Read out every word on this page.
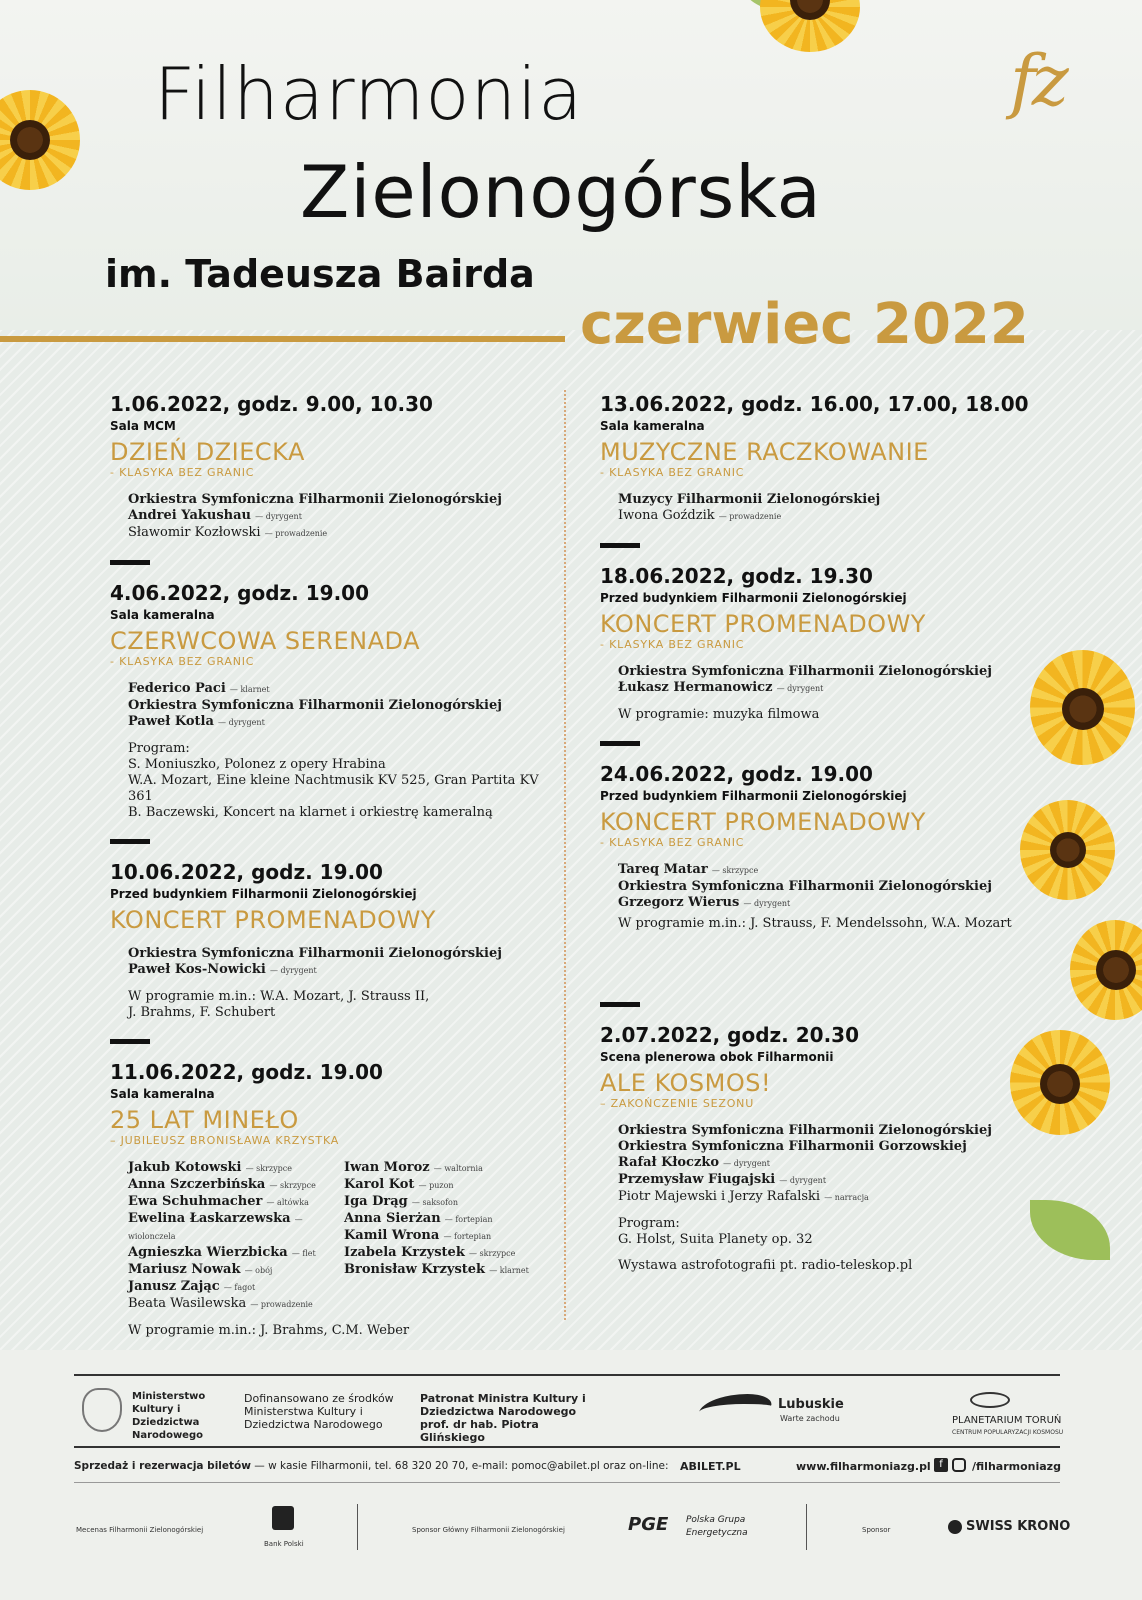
Filharmonia
Zielonogórska
im. Tadeusza Bairda
czerwiec 2022
fz
1.06.2022, godz. 9.00, 10.30
Sala MCM
DZIEŃ DZIECKA
- KLASYKA BEZ GRANIC
Orkiestra Symfoniczna Filharmonii Zielonogórskiej
Andrei Yakushau — dyrygent
Sławomir Kozłowski — prowadzenie
4.06.2022, godz. 19.00
Sala kameralna
CZERWCOWA SERENADA
- KLASYKA BEZ GRANIC
Federico Paci — klarnet
Orkiestra Symfoniczna Filharmonii Zielonogórskiej
Paweł Kotla — dyrygent
Program:
S. Moniuszko, Polonez z opery Hrabina
W.A. Mozart, Eine kleine Nachtmusik KV 525, Gran Partita KV 361
B. Baczewski, Koncert na klarnet i orkiestrę kameralną
10.06.2022, godz. 19.00
Przed budynkiem Filharmonii Zielonogórskiej
KONCERT PROMENADOWY
Orkiestra Symfoniczna Filharmonii Zielonogórskiej
Paweł Kos-Nowicki — dyrygent
W programie m.in.: W.A. Mozart, J. Strauss II,
J. Brahms, F. Schubert
11.06.2022, godz. 19.00
Sala kameralna
25 LAT MINEŁO
– JUBILEUSZ BRONISŁAWA KRZYSTKA
Jakub Kotowski — skrzypce
Anna Szczerbińska — skrzypce
Ewa Schuhmacher — altówka
Ewelina Łaskarzewska — wiolonczela
Agnieszka Wierzbicka — flet
Mariusz Nowak — obój
Janusz Zając — fagot
Beata Wasilewska — prowadzenie
Iwan Moroz — waltornia
Karol Kot — puzon
Iga Drąg — saksofon
Anna Sierżan — fortepian
Kamil Wrona — fortepian
Izabela Krzystek — skrzypce
Bronisław Krzystek — klarnet
W programie m.in.: J. Brahms, C.M. Weber
13.06.2022, godz. 16.00, 17.00, 18.00
Sala kameralna
MUZYCZNE RACZKOWANIE
- KLASYKA BEZ GRANIC
Muzycy Filharmonii Zielonogórskiej
Iwona Goździk — prowadzenie
18.06.2022, godz. 19.30
Przed budynkiem Filharmonii Zielonogórskiej
KONCERT PROMENADOWY
- KLASYKA BEZ GRANIC
Orkiestra Symfoniczna Filharmonii Zielonogórskiej
Łukasz Hermanowicz — dyrygent
W programie: muzyka filmowa
24.06.2022, godz. 19.00
Przed budynkiem Filharmonii Zielonogórskiej
KONCERT PROMENADOWY
- KLASYKA BEZ GRANIC
Tareq Matar — skrzypce
Orkiestra Symfoniczna Filharmonii Zielonogórskiej
Grzegorz Wierus — dyrygent
W programie m.in.: J. Strauss, F. Mendelssohn, W.A. Mozart
2.07.2022, godz. 20.30
Scena plenerowa obok Filharmonii
ALE KOSMOS!
– ZAKOŃCZENIE SEZONU
Orkiestra Symfoniczna Filharmonii Zielonogórskiej
Orkiestra Symfoniczna Filharmonii Gorzowskiej
Rafał Kłoczko — dyrygent
Przemysław Fiugajski — dyrygent
Piotr Majewski i Jerzy Rafalski — narracja
Program:
G. Holst, Suita Planety op. 32
Wystawa astrofotografii pt. radio-teleskop.pl
Ministerstwo Kultury i Dziedzictwa Narodowego
Dofinansowano ze środków Ministerstwa Kultury i Dziedzictwa Narodowego
Patronat Ministra Kultury i Dziedzictwa Narodowego prof. dr hab. Piotra Glińskiego
Lubuskie
Warte zachodu	PLANETARIUM TORUŃ
CENTRUM POPULARYZACJI KOSMOSU
Sprzedaż i rezerwacja biletów — w kasie Filharmonii, tel. 68 320 20 70, e-mail: pomoc@abilet.pl oraz on-line: ABILET.PL	www.filharmoniazg.pl f	/filharmoniazg
Mecenas Filharmonii Zielonogórskiej
Bank Polski
Sponsor Główny Filharmonii Zielonogórskiej	PGE Polska Grupa Energetyczna	Sponsor	SWISS KRONO
